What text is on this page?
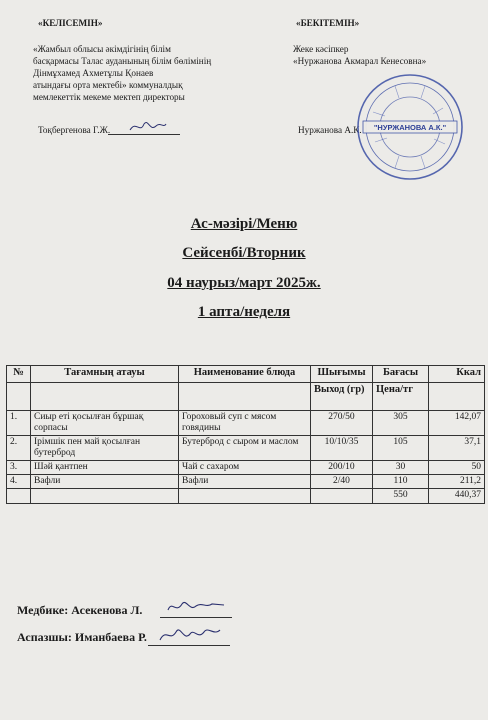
«КЕЛІСЕМІН»
«Жамбыл облысы әкімдігінің білім
басқармасы Талас ауданының білім бөлімінің
Дінмұхамед Ахметұлы Қонаев
атындағы орта мектебі» коммуналдық
мемлекеттік мекеме мектеп директоры
Тоқбергенова Г.Ж.
«БЕКІТЕМІН»
Жеке кәсіпкер
«Нуржанова Акмарал Кенесовна»
Нуржанова А.К. "НУРЖАНОВА А.К."
Ас-мәзірі/Меню
Сейсенбі/Вторник
04 наурыз/март 2025ж.
1 апта/неделя
№	Тағамның атауы	Наименование блюда	Шығымы	Бағасы	Ккал
			Выход (гр)	Цена/тг	
1.	Сиыр еті қосылған бұршақ сорпасы	Гороховый суп с мясом говядины	270/50	305	142,07
2.	Ірімшік пен май қосылған бутерброд	Бутерброд с сыром и маслом	10/10/35	105	37,1
3.	Шәй қантпен	Чай с сахаром	200/10	30	50
4.	Вафли	Вафли	2/40	110	211,2
				550	440,37
Медбике: Асекенова Л.
Аспазшы: Иманбаева Р.
